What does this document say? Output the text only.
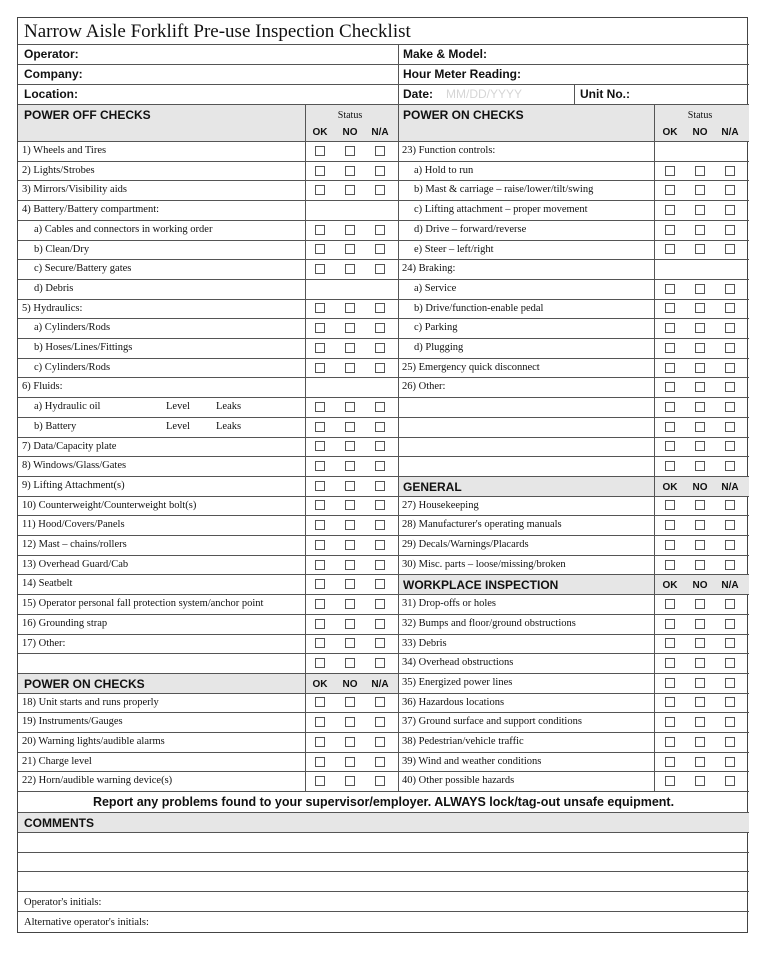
Narrow Aisle Forklift Pre-use Inspection Checklist
Operator:
Company:
Location:
Make & Model:
Hour Meter Reading:
Date: MM/DD/YYYY	Unit No.:
POWER OFF CHECKS	POWER ON CHECKS
Status	Status
OK NO N/A	OK NO N/A
1) Wheels and Tires
2) Lights/Strobes
3) Mirrors/Visibility aids
4) Battery/Battery compartment:
a) Cables and connectors in working order
b) Clean/Dry
c) Secure/Battery gates
d) Debris
5) Hydraulics:
a) Cylinders/Rods
b) Hoses/Lines/Fittings
c) Cylinders/Rods
6) Fluids:
a) Hydraulic oil	Level Leaks
b) Battery	Level Leaks
7) Data/Capacity plate
8) Windows/Glass/Gates
9) Lifting Attachment(s)
10) Counterweight/Counterweight bolt(s)
11) Hood/Covers/Panels
12) Mast – chains/rollers
13) Overhead Guard/Cab
14) Seatbelt
15) Operator personal fall protection system/anchor point
16) Grounding strap
17) Other:
POWER ON CHECKS	OK NO N/A
18) Unit starts and runs properly
19) Instruments/Gauges
20) Warning lights/audible alarms
21) Charge level
22) Horn/audible warning device(s)
23) Function controls:
a) Hold to run
b) Mast & carriage – raise/lower/tilt/swing
c) Lifting attachment – proper movement
d) Drive – forward/reverse
e) Steer – left/right
24) Braking:
a) Service
b) Drive/function-enable pedal
c) Parking
d) Plugging
25) Emergency quick disconnect
26) Other:
GENERAL	OK NO N/A
27) Housekeeping
28) Manufacturer's operating manuals
29) Decals/Warnings/Placards
30) Misc. parts – loose/missing/broken
WORKPLACE INSPECTION	OK NO N/A
31) Drop-offs or holes
32) Bumps and floor/ground obstructions
33) Debris
34) Overhead obstructions
35) Energized power lines
36) Hazardous locations
37) Ground surface and support conditions
38) Pedestrian/vehicle traffic
39) Wind and weather conditions
40) Other possible hazards
Report any problems found to your supervisor/employer. ALWAYS lock/tag-out unsafe equipment.
COMMENTS
Operator's initials:
Alternative operator's initials:
